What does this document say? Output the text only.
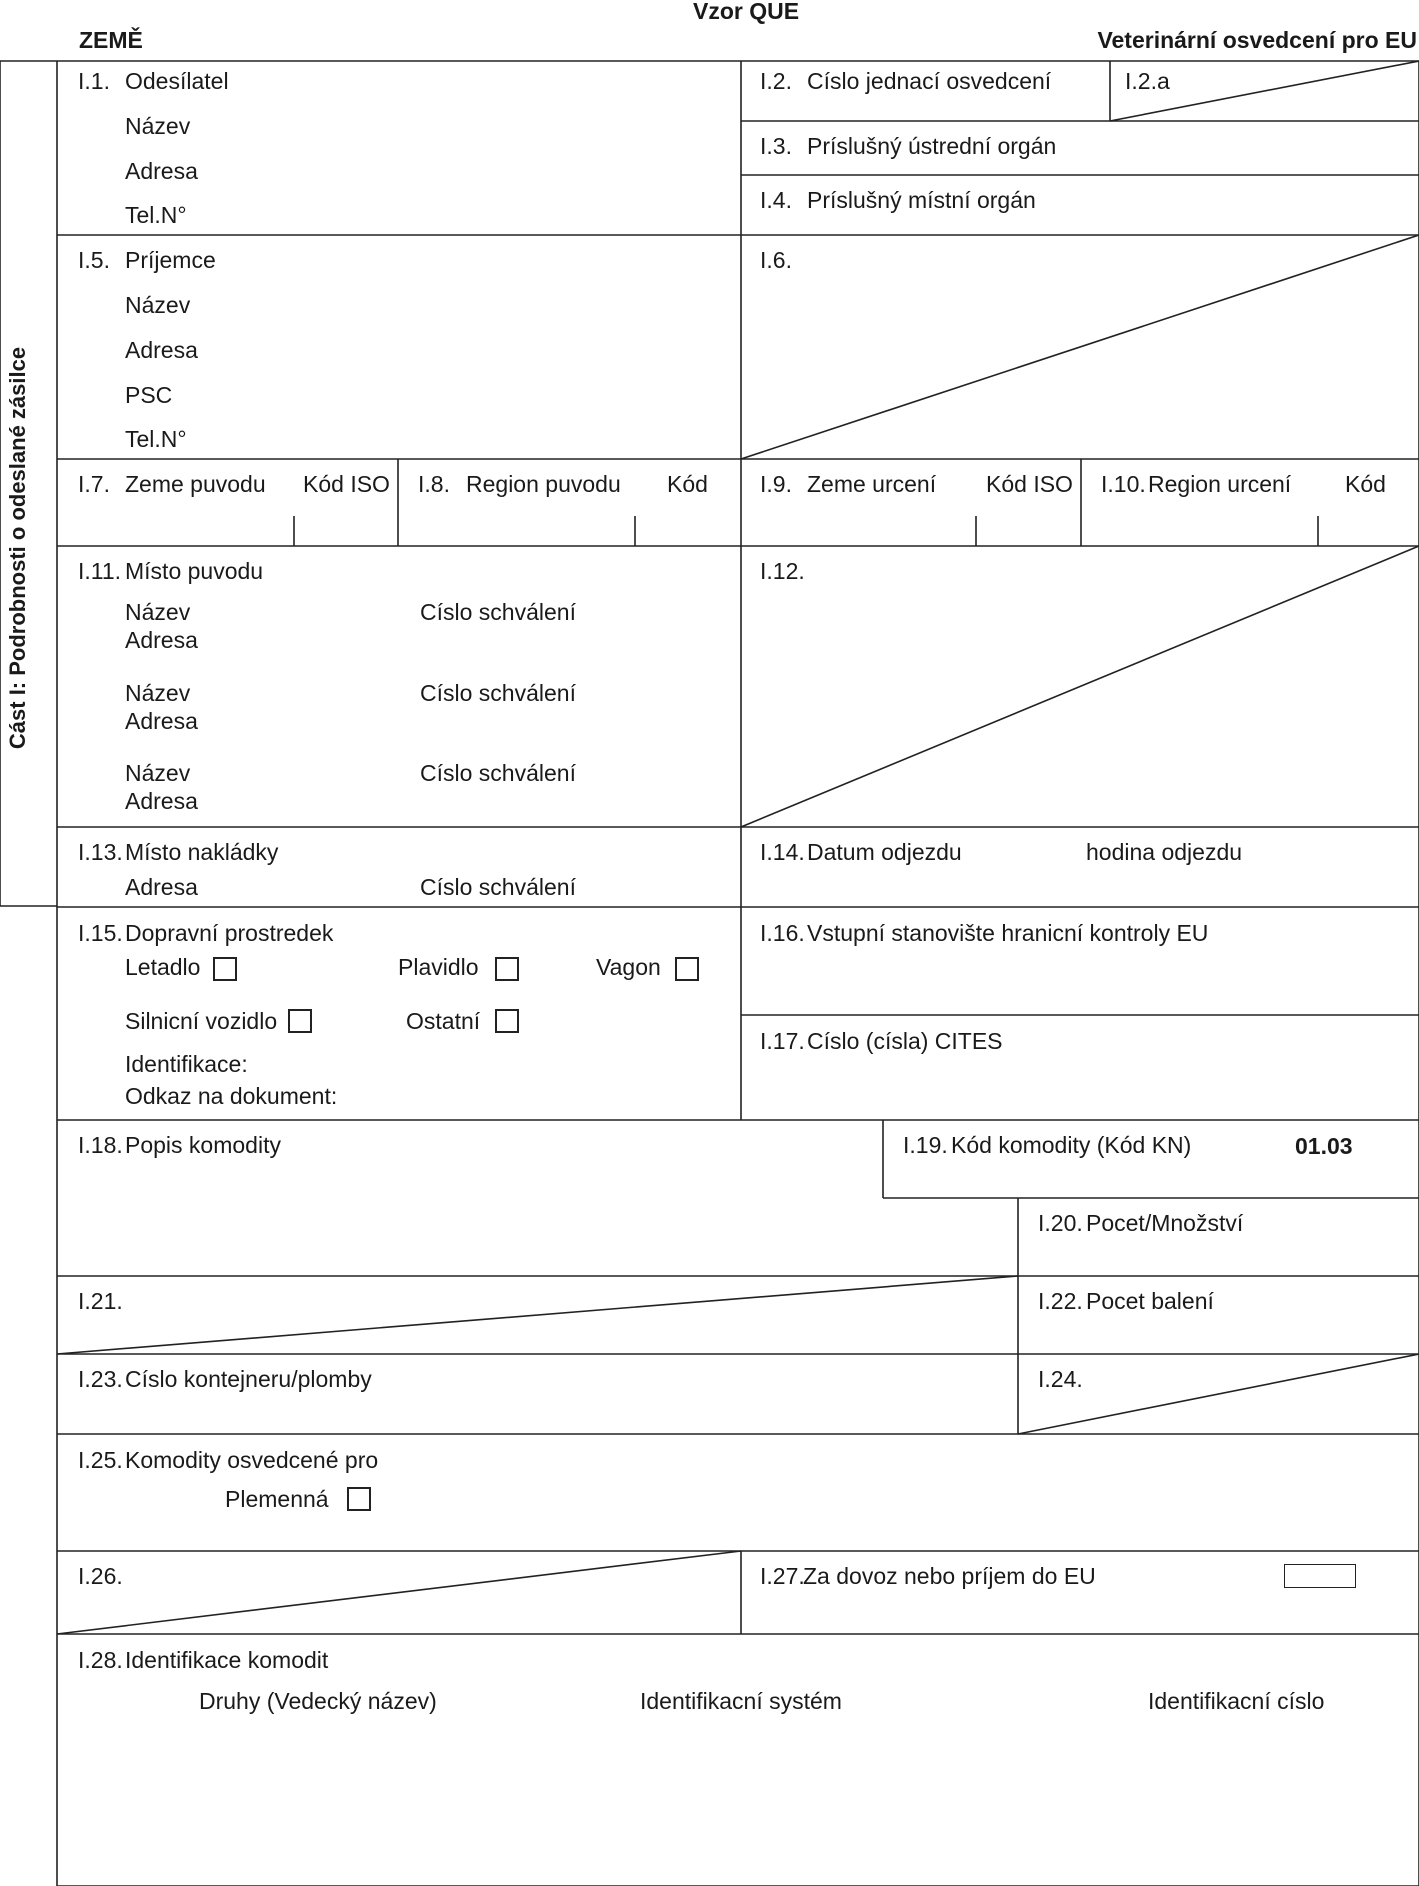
Vzor QUE
ZEMĚ	Veterinární osvedcení pro EU
Cást I: Podrobnosti o odeslané zásilce
I.1. Odesílatel
Název
Adresa
Tel.N°
I.2. Císlo jednací osvedcení	I.2.a
I.3. Príslušný ústrední orgán
I.4. Príslušný místní orgán
I.5. Príjemce
Název
Adresa
PSC
Tel.N°
I.6.
I.7. Zeme puvodu Kód ISO I.8. Region puvodu Kód I.9. Zeme urcení Kód ISO I.10. Region urcení Kód
I.11. Místo puvodu
Název	Císlo schválení
Adresa
Název	Císlo schválení
Adresa
Název	Císlo schválení
Adresa
I.12.
I.13. Místo nakládky
Adresa	Císlo schválení
I.14. Datum odjezdu	hodina odjezdu
I.15. Dopravní prostredek
Letadlo	Plavidlo	Vagon
Silnicní vozidlo	Ostatní
Identifikace:
Odkaz na dokument:
I.16. Vstupní stanovište hranicní kontroly EU
I.17. Císlo (císla) CITES
I.18. Popis komodity	I.19. Kód komodity (Kód KN)	01.03
I.20. Pocet/Množství
I.21.	I.22. Pocet balení
I.23. Císlo kontejneru/plomby	I.24.
I.25. Komodity osvedcené pro
Plemenná
I.26.	I.27.
Za dovoz nebo príjem do EU
I.28. Identifikace komodit
Druhy (Vedecký název)	Identifikacní systém	Identifikacní císlo
